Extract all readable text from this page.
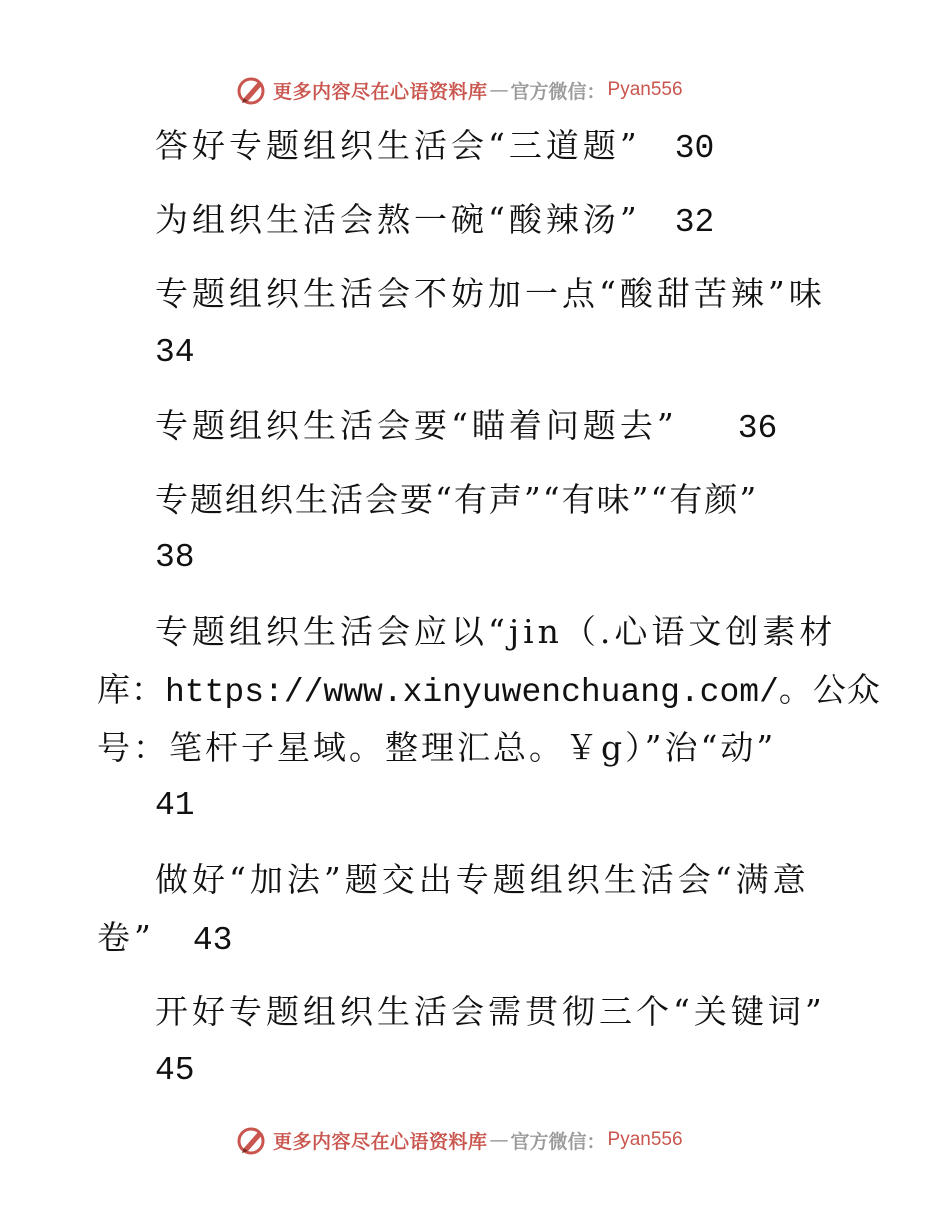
更多内容尽在心语资料库 — 官方微信： Pyan556
答好专题组织生活会“三道题” 30
为组织生活会熬一碗“酸辣汤” 32
专题组织生活会不妨加一点“酸甜苦辣”味
34
专题组织生活会要“瞄着问题去” 36
专题组织生活会要“有声”“有味”“有颜”
38
专题组织生活会应以“jin（.心语文创素材
库：https://www.xinyuwenchuang.com/。公众
号：笔杆子星域。整理汇总。￥g）”治“动”
41
做好“加法”题交出专题组织生活会“满意
卷” 43
开好专题组织生活会需贯彻三个“关键词”
45
更多内容尽在心语资料库 — 官方微信： Pyan556
